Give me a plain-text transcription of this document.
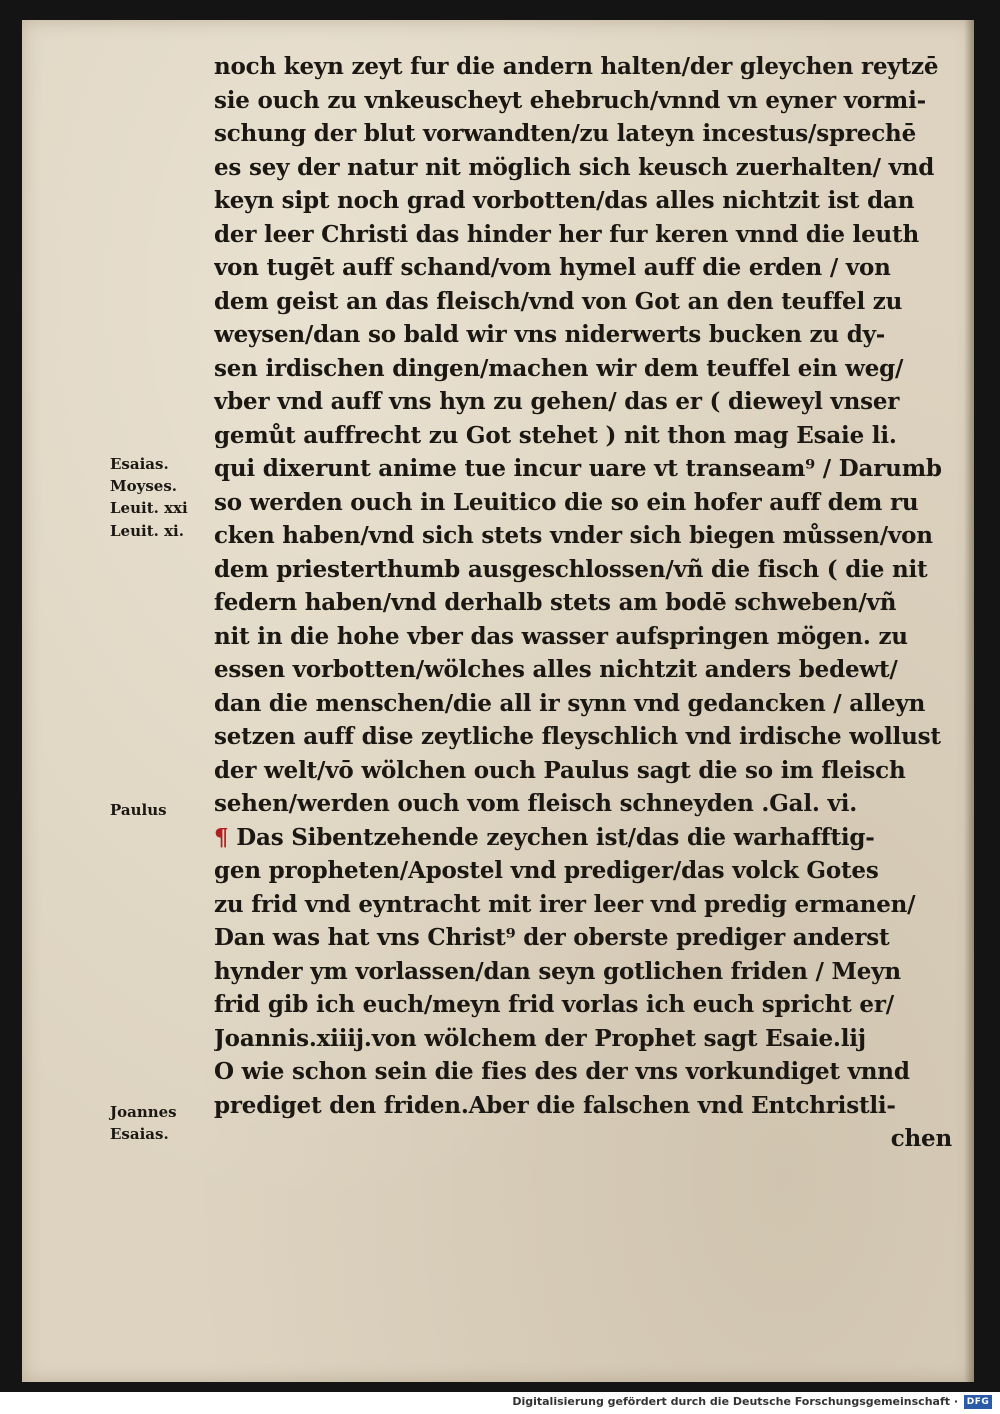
noch keyn zeyt fur die andern halten/der gleychen reytzē
sie ouch zu vnkeuscheyt ehebruch/vnnd vn eyner vormi-
schung der blut vorwandten/zu lateyn incestus/sprechē
es sey der natur nit möglich sich keusch zuerhalten/ vnd
keyn sipt noch grad vorbotten/das alles nichtzit ist dan
der leer Christi das hinder her fur keren vnnd die leuth
von tugēt auff schand/vom hymel auff die erden / von
dem geist an das fleisch/vnd von Got an den teuffel zu
weysen/dan so bald wir vns niderwerts bucken zu dy-
sen irdischen dingen/machen wir dem teuffel ein weg/
vber vnd auff vns hyn zu gehen/ das er ( dieweyl vnser
gemůt auffrecht zu Got stehet ) nit thon mag Esaie li.
qui dixerunt anime tue incur uare vt transeam⁹ / Darumb
so werden ouch in Leuitico die so ein hofer auff dem ru
cken haben/vnd sich stets vnder sich biegen můssen/von
dem priesterthumb ausgeschlossen/vñ die fisch ( die nit
federn haben/vnd derhalb stets am bodē schweben/vñ
nit in die hohe vber das wasser aufspringen mögen. zu
essen vorbotten/wölches alles nichtzit anders bedewt/
dan die menschen/die all ir synn vnd gedancken / alleyn
setzen auff dise zeytliche fleyschlich vnd irdische wollust
der welt/vō wölchen ouch Paulus sagt die so im fleisch
sehen/werden ouch vom fleisch schneyden .Gal. vi.
¶ Das Sibentzehende zeychen ist/das die warhafftig-
gen propheten/Apostel vnd prediger/das volck Gotes
zu frid vnd eyntracht mit irer leer vnd predig ermanen/
Dan was hat vns Christ⁹ der oberste prediger anderst
hynder ym vorlassen/dan seyn gotlichen friden / Meyn
frid gib ich euch/meyn frid vorlas ich euch spricht er/
Joannis.xiiij.von wölchem der Prophet sagt Esaie.lij
O wie schon sein die fies des der vns vorkundiget vnnd
prediget den friden.Aber die falschen vnd Entchristli-
chen
Esaias.
Moyses.
Leuit. xxi
Leuit. xi.
Paulus
Joannes
Esaias.
Digitalisierung gefördert durch die Deutsche Forschungsgemeinschaft · DFG
